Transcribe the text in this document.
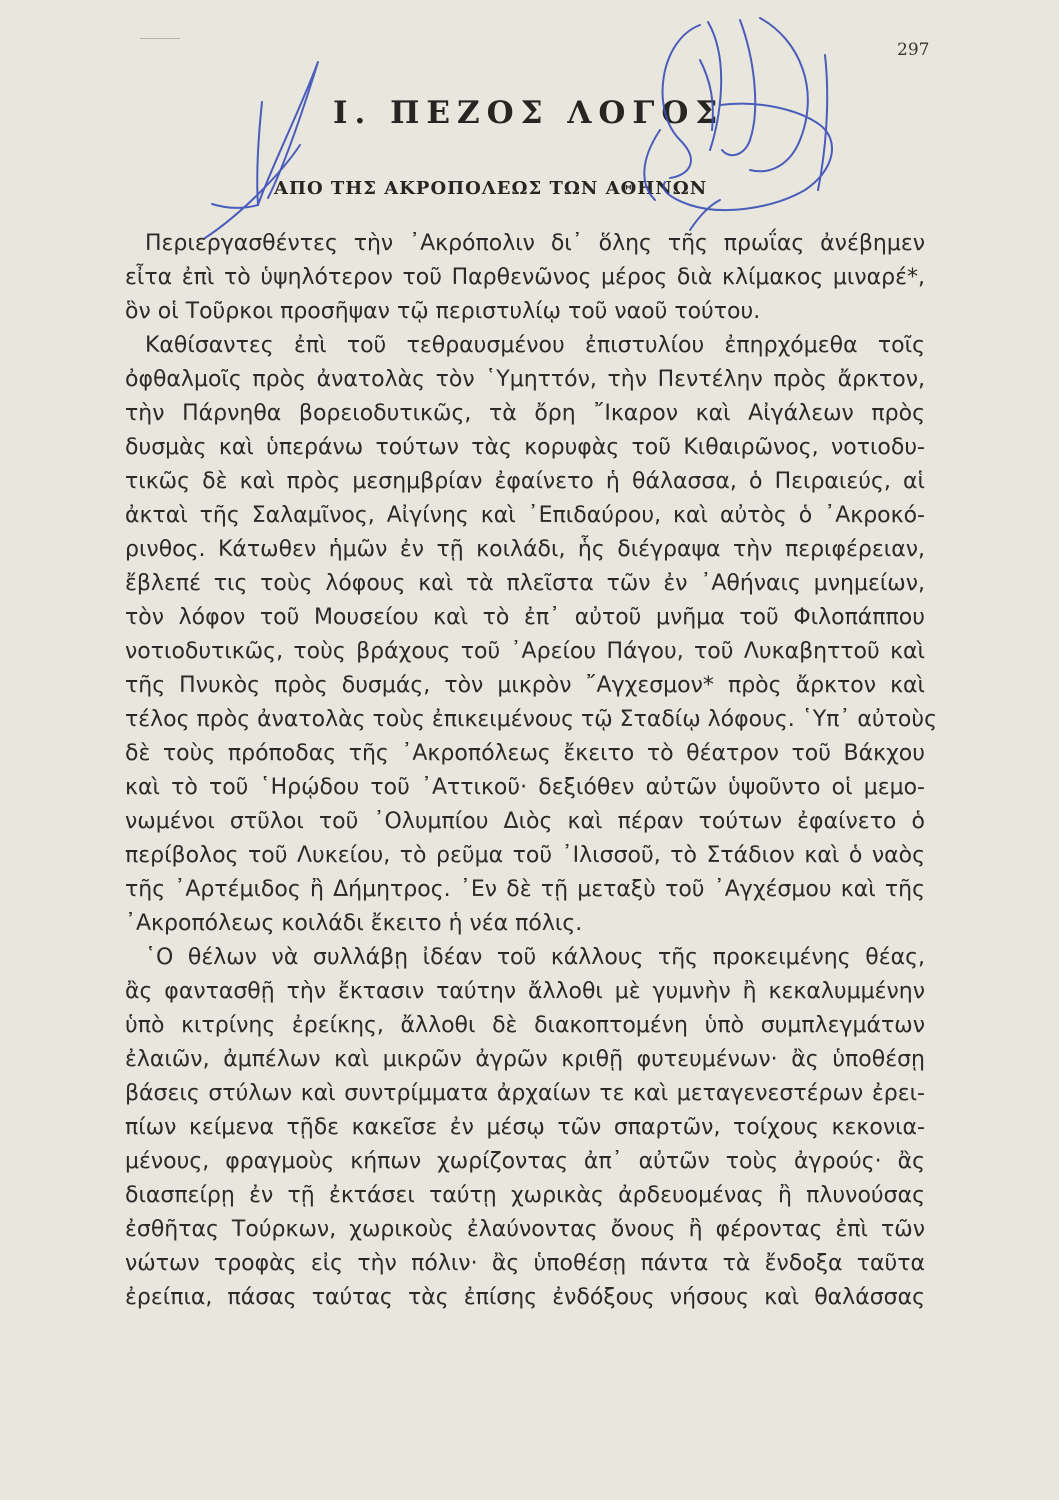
297
I. ΠΕΖΟΣ ΛΟΓΟΣ
ΑΠΟ ΤΗΣ ΑΚΡΟΠΟΛΕΩΣ ΤΩΝ ΑΘΗΝΩΝ
Περιεργασθέντες τὴν ᾽Ακρόπολιν δι᾽ ὅλης τῆς πρωΐας ἀνέβημεν
εἶτα ἐπὶ τὸ ὑψηλότερον τοῦ Παρθενῶνος μέρος διὰ κλίμακος μιναρέ*,
ὃν οἱ Τοῦρκοι προσῆψαν τῷ περιστυλίῳ τοῦ ναοῦ τούτου.
Καθίσαντες ἐπὶ τοῦ τεθραυσμένου ἐπιστυλίου ἐπηρχόμεθα τοῖς
ὀφθαλμοῖς πρὸς ἀνατολὰς τὸν ῾Υμηττόν, τὴν Πεντέλην πρὸς ἄρκτον,
τὴν Πάρνηθα βορειοδυτικῶς, τὰ ὄρη ῎Ικαρον καὶ Αἰγάλεων πρὸς
δυσμὰς καὶ ὑπεράνω τούτων τὰς κορυφὰς τοῦ Κιθαιρῶνος, νοτιοδυ-
τικῶς δὲ καὶ πρὸς μεσημβρίαν ἐφαίνετο ἡ θάλασσα, ὁ Πειραιεύς, αἱ
ἀκταὶ τῆς Σαλαμῖνος, Αἰγίνης καὶ ᾽Επιδαύρου, καὶ αὐτὸς ὁ ᾽Ακροκό-
ρινθος. Κάτωθεν ἡμῶν ἐν τῇ κοιλάδι, ἧς διέγραψα τὴν περιφέρειαν,
ἔβλεπέ τις τοὺς λόφους καὶ τὰ πλεῖστα τῶν ἐν ᾽Αθήναις μνημείων,
τὸν λόφον τοῦ Μουσείου καὶ τὸ ἐπ᾽ αὐτοῦ μνῆμα τοῦ Φιλοπάππου
νοτιοδυτικῶς, τοὺς βράχους τοῦ ᾽Αρείου Πάγου, τοῦ Λυκαβηττοῦ καὶ
τῆς Πνυκὸς πρὸς δυσμάς, τὸν μικρὸν ῎Αγχεσμον* πρὸς ἄρκτον καὶ
τέλος πρὸς ἀνατολὰς τοὺς ἐπικειμένους τῷ Σταδίῳ λόφους. ῾Υπ᾽ αὐτοὺς
δὲ τοὺς πρόποδας τῆς ᾽Ακροπόλεως ἔκειτο τὸ θέατρον τοῦ Βάκχου
καὶ τὸ τοῦ ῾Ηρῴδου τοῦ ᾽Αττικοῦ· δεξιόθεν αὐτῶν ὑψοῦντο οἱ μεμο-
νωμένοι στῦλοι τοῦ ᾽Ολυμπίου Διὸς καὶ πέραν τούτων ἐφαίνετο ὁ
περίβολος τοῦ Λυκείου, τὸ ρεῦμα τοῦ ᾽Ιλισσοῦ, τὸ Στάδιον καὶ ὁ ναὸς
τῆς ᾽Αρτέμιδος ἢ Δήμητρος. ᾽Εν δὲ τῇ μεταξὺ τοῦ ᾽Αγχέσμου καὶ τῆς
᾽Ακροπόλεως κοιλάδι ἔκειτο ἡ νέα πόλις.
῾Ο θέλων νὰ συλλάβῃ ἰδέαν τοῦ κάλλους τῆς προκειμένης θέας,
ἂς φαντασθῇ τὴν ἔκτασιν ταύτην ἄλλοθι μὲ γυμνὴν ἢ κεκαλυμμένην
ὑπὸ κιτρίνης ἐρείκης, ἄλλοθι δὲ διακοπτομένη ὑπὸ συμπλεγμάτων
ἐλαιῶν, ἀμπέλων καὶ μικρῶν ἀγρῶν κριθῇ φυτευμένων· ἂς ὑποθέσῃ
βάσεις στύλων καὶ συντρίμματα ἀρχαίων τε καὶ μεταγενεστέρων ἐρει-
πίων κείμενα τῇδε κακεῖσε ἐν μέσῳ τῶν σπαρτῶν, τοίχους κεκονια-
μένους, φραγμοὺς κήπων χωρίζοντας ἀπ᾽ αὐτῶν τοὺς ἀγρούς· ἂς
διασπείρῃ ἐν τῇ ἐκτάσει ταύτῃ χωρικὰς ἀρδευομένας ἢ πλυνούσας
ἐσθῆτας Τούρκων, χωρικοὺς ἐλαύνοντας ὄνους ἢ φέροντας ἐπὶ τῶν
νώτων τροφὰς εἰς τὴν πόλιν· ἂς ὑποθέσῃ πάντα τὰ ἔνδοξα ταῦτα
ἐρείπια, πάσας ταύτας τὰς ἐπίσης ἐνδόξους νήσους καὶ θαλάσσας
